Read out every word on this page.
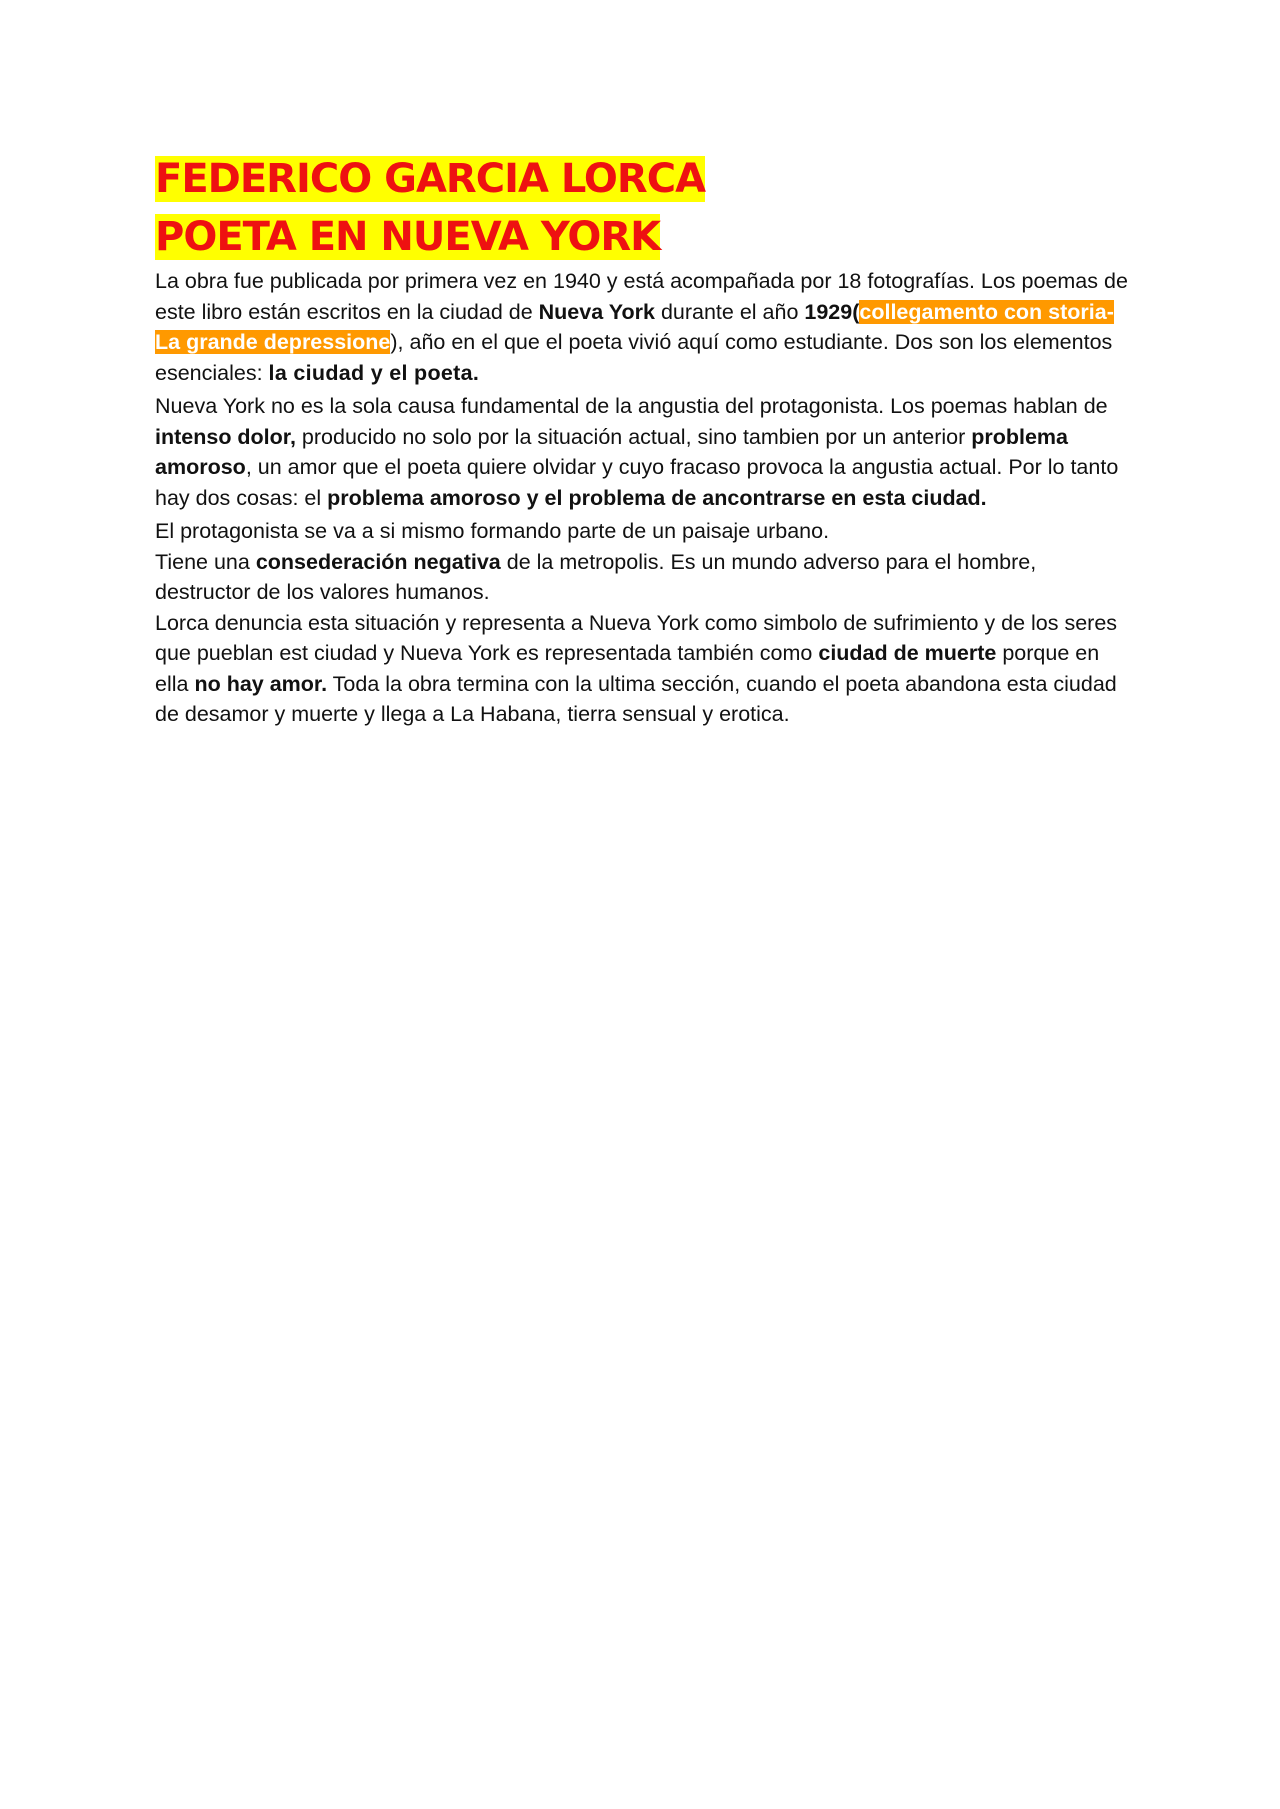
FEDERICO GARCIA LORCA
POETA EN NUEVA YORK

La obra fue publicada por primera vez en 1940 y está acompañada por 18 fotografías. Los poemas de este libro están escritos en la ciudad de Nueva York durante el año 1929(collegamento con storia- La grande depressione), año en el que el poeta vivió aquí como estudiante. Dos son los elementos esenciales: la ciudad y el poeta.

Nueva York no es la sola causa fundamental de la angustia del protagonista. Los poemas hablan de intenso dolor, producido no solo por la situación actual, sino tambien por un anterior problema amoroso, un amor que el poeta quiere olvidar y cuyo fracaso provoca la angustia actual. Por lo tanto hay dos cosas: el problema amoroso y el problema de ancontrarse en esta ciudad.

El protagonista se va a si mismo formando parte de un paisaje urbano.

Tiene una consederación negativa de la metropolis. Es un mundo adverso para el hombre, destructor de los valores humanos.

Lorca denuncia esta situación y representa a Nueva York como simbolo de sufrimiento y de los seres que pueblan est ciudad y Nueva York es representada también como ciudad de muerte porque en ella no hay amor. Toda la obra termina con la ultima sección, cuando el poeta abandona esta ciudad de desamor y muerte y llega a La Habana, tierra sensual y erotica.
